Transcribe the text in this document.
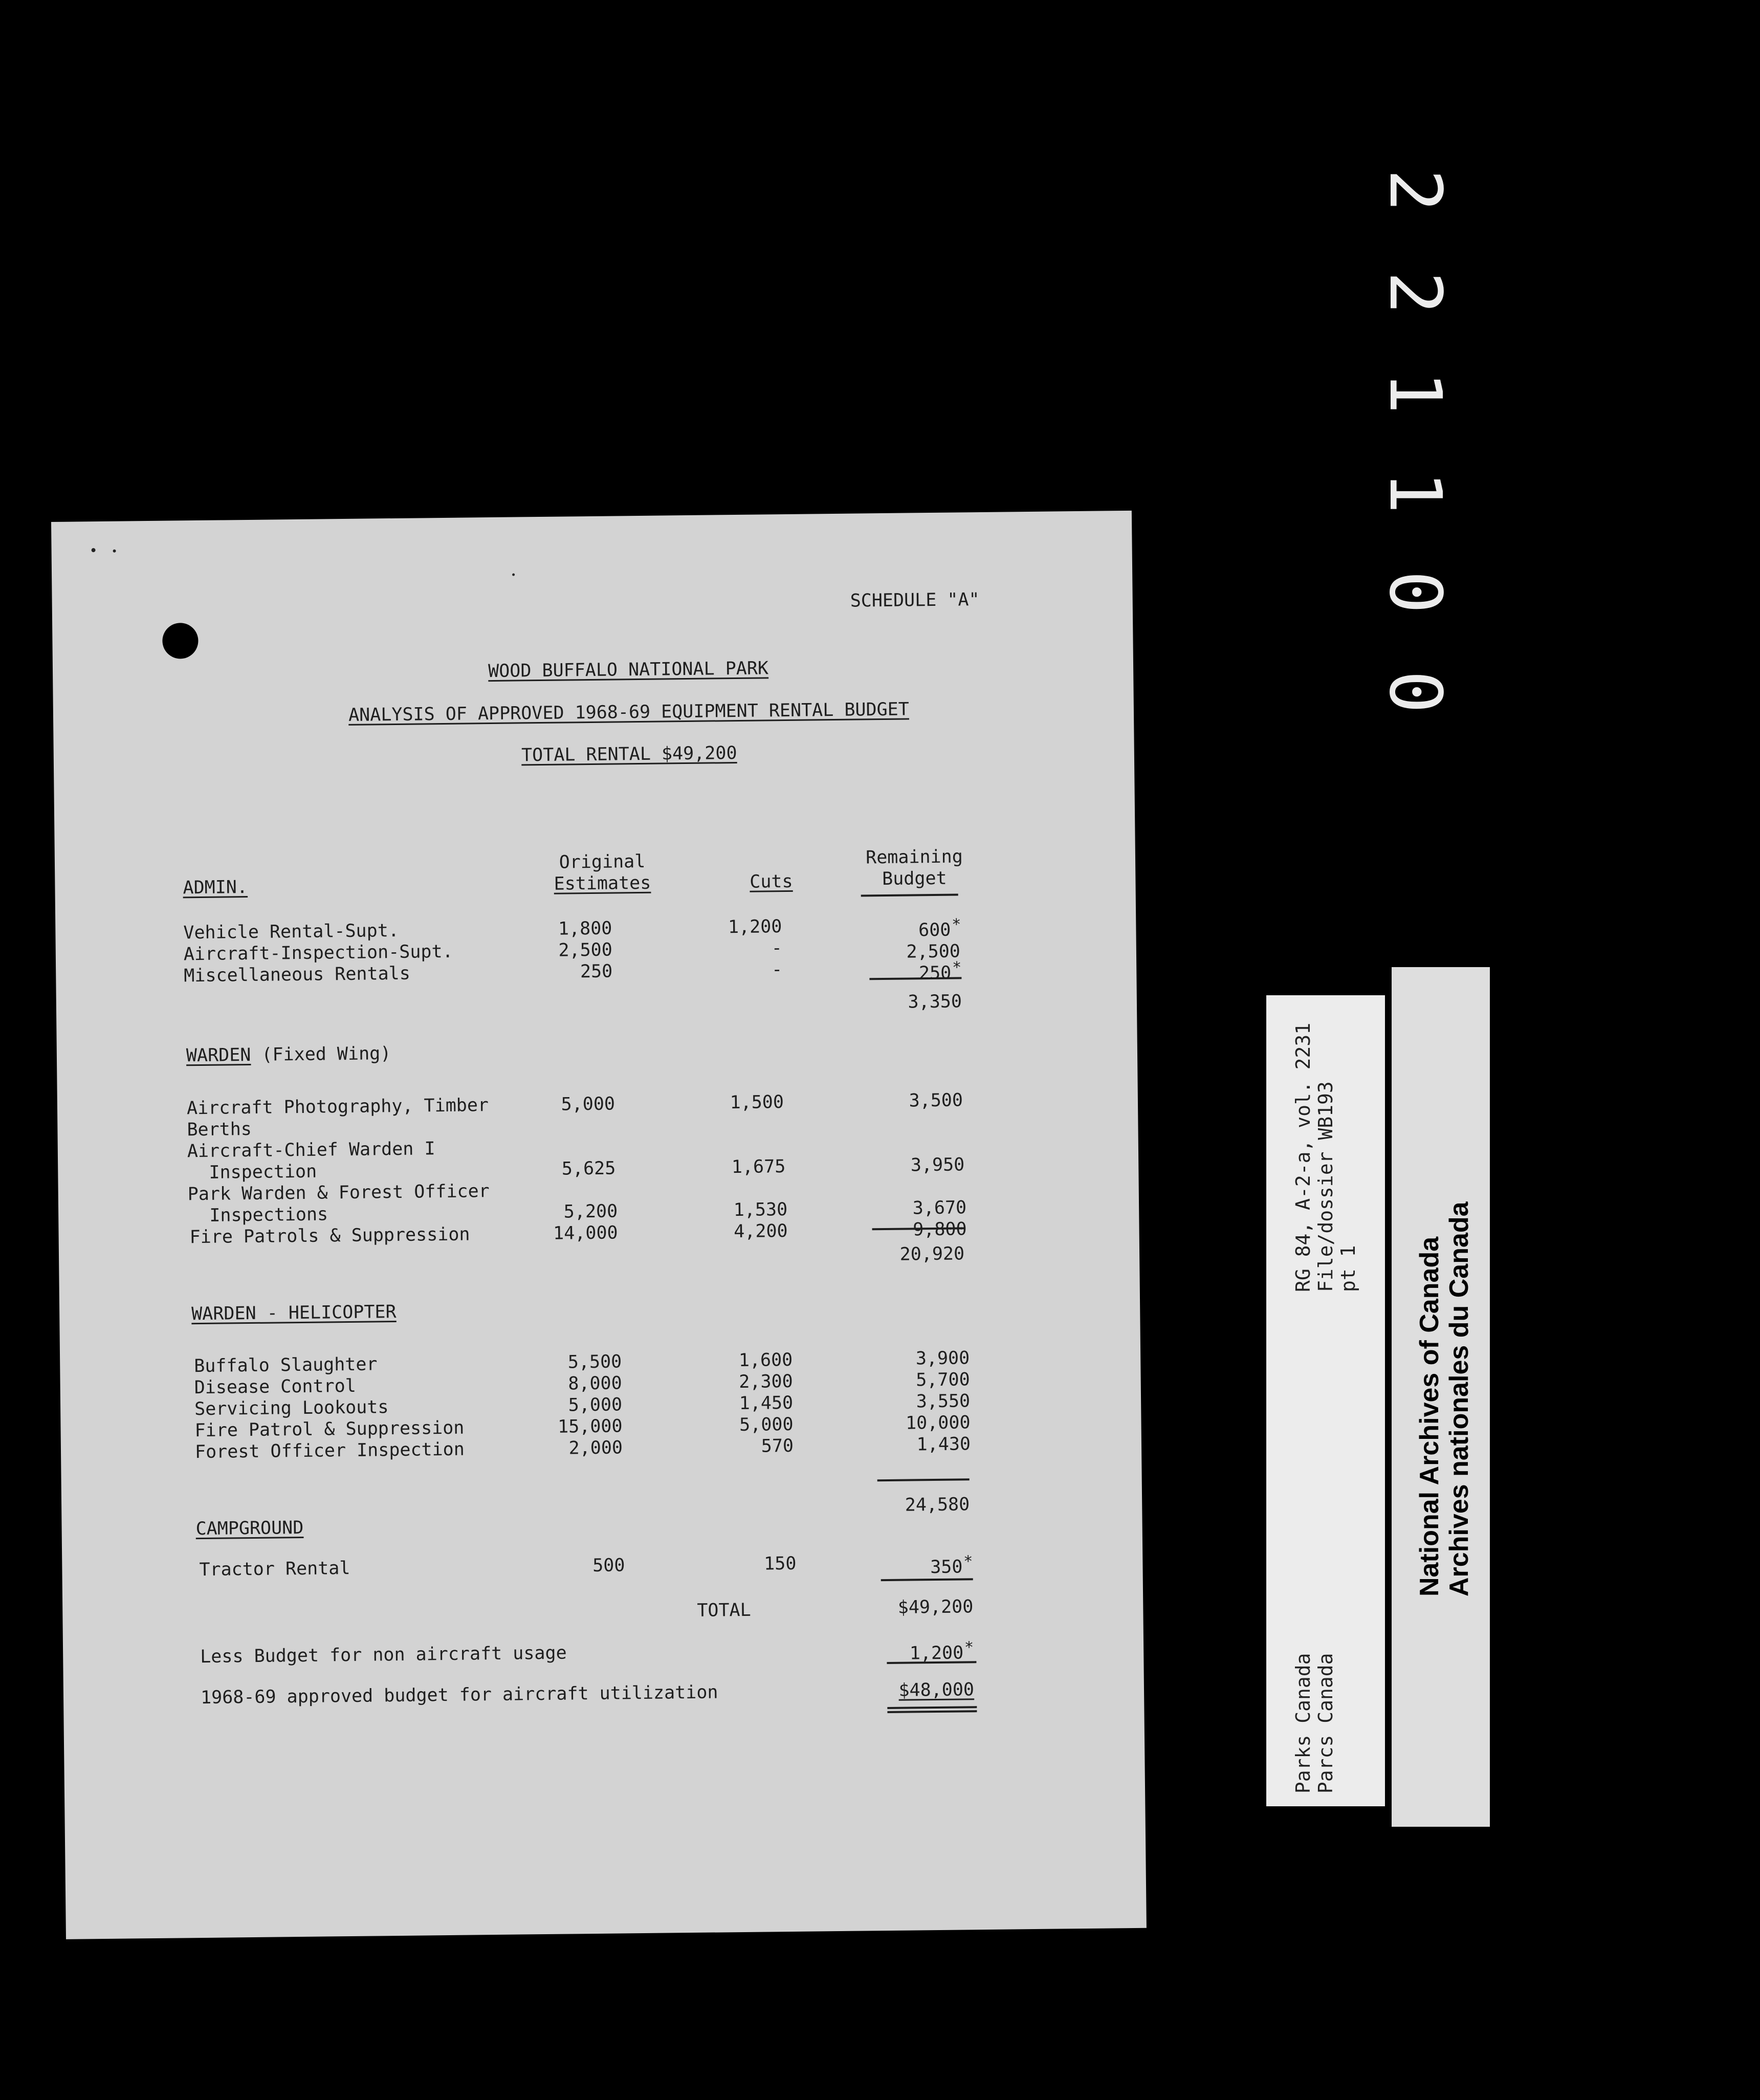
SCHEDULE "A"
WOOD BUFFALO NATIONAL PARK
ANALYSIS OF APPROVED 1968-69 EQUIPMENT RENTAL BUDGET
TOTAL RENTAL $49,200
Original
Estimates	Cuts
Remaining
Budget
ADMIN.
Vehicle Rental-Supt.	1,800	1,200	600*
Aircraft-Inspection-Supt.	2,500	-	2,500
Miscellaneous Rentals	250	-	250*
3,350
WARDEN (Fixed Wing)
Aircraft Photography, Timber
Berths
5,000	1,500	3,500
Aircraft-Chief Warden I
Inspection	5,625	1,675	3,950
Park Warden & Forest Officer
Inspections	5,200	1,530	3,670
Fire Patrols & Suppression	14,000	4,200	9,800
20,920
WARDEN - HELICOPTER
Buffalo Slaughter	5,500	1,600	3,900
Disease Control	8,000	2,300	5,700
Servicing Lookouts	5,000	1,450	3,550
Fire Patrol & Suppression	15,000	5,000	10,000
Forest Officer Inspection	2,000	570	1,430
24,580
CAMPGROUND
Tractor Rental	500	150	350*
TOTAL	$49,200
Less Budget for non aircraft usage	1,200*
1968-69 approved budget for aircraft utilization	$48,000
2
2
1
1
0
0
RG 84, A-2-a, vol. 2231
File/dossier WB193
pt 1
Parks Canada
Parcs Canada
National Archives of Canada
Archives nationales du Canada
